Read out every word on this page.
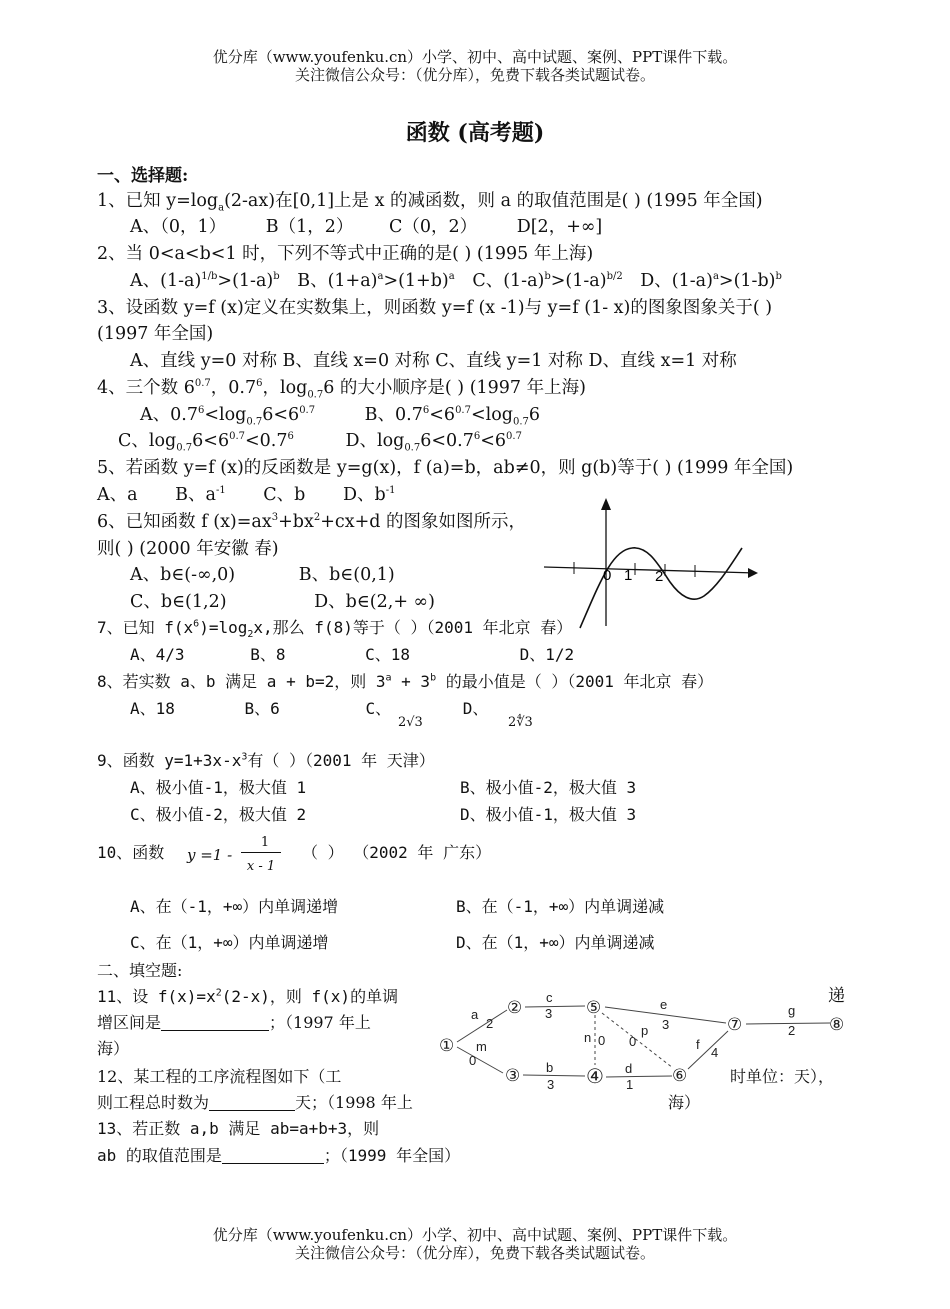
优分库（www.youfenku.cn）小学、初中、高中试题、案例、PPT课件下载。
关注微信公众号：（优分库），免费下载各类试题试卷。
函数 (高考题)
一、选择题:
1、已知 $y=\log_a(2-ax)$在[0,1]上是 x 的减函数，则 a 的取值范围是( ) (1995 年全国)
A、（0，1） B（1，2） C（0，2） D[2，+∞]
2、当 0<a<b<1 时，下列不等式中正确的是( ) (1995 年上海)
A、$(1-a)^{1/b}>(1-a)^b$ B、$(1+a)^a>(1+b)^a$ C、$(1-a)^b>(1-a)^{b/2}$ D、$(1-a)^a>(1-b)^b$
3、设函数 y=f (x)定义在实数集上，则函数 y=f (x -1)与 y=f (1- x)的图象图象关于( )
(1997 年全国)
A、直线 y=0 对称 B、直线 x=0 对称 C、直线 y=1 对称 D、直线 x=1 对称
4、三个数 $6^{0.7}$，$0.7^6$，$\log_{0.7}6$ 的大小顺序是( ) (1997 年上海)
A、$0.7^6<\log_{0.7}6<6^{0.7}$	B、$0.7^6<6^{0.7}<\log_{0.7}6$
C、$\log_{0.7}6<6^{0.7}<0.7^6$	D、$\log_{0.7}6<0.7^6<6^{0.7}$
5、若函数 y=f (x)的反函数是 y=g(x)，f (a)=b，ab≠0，则 g(b)等于( ) (1999 年全国)
A、a B、$a^{-1}$ C、b D、$b^{-1}$
6、已知函数 f $(x)=ax^3+bx^2+cx+d$ 的图象如图所示，
则( ) (2000 年安徽 春)
A、b∈(-∞,0)	B、b∈(0,1)
C、b∈(1,2)	D、b∈(2,+ ∞)
0 1 2
7、已知 $f(x^6)=\log_2x$,那么 f(8)等于（ ）（2001 年北京 春）
A、4/3	B、8	C、18	D、1/2
8、若实数 a、b 满足 a + b=2，则 $3^a + 3^b$ 的最小值是（ ）（2001 年北京 春）
A、18	B、6	C、	D、
2√3	2∜3
9、函数 $y=1+3x-x^3$有（ ）（2001 年 天津）
A、极小值-1，极大值 1	B、极小值-2，极大值 3
C、极小值-2，极大值 2	D、极小值-1，极大值 3
10、函数 y =1 -
1
x - 1
（ ） （2002 年 广东）
A、在（-1，+∞）内单调递增	B、在（-1，+∞）内单调递减
C、在（1，+∞）内单调递增	D、在（1，+∞）内单调递减
二、填空题:
11、设 $f(x)=x^2(2-x)$，则 f(x)的单调
增区间是	；（1997 年上
海）
递
12、某工程的工序流程图如下（工	时单位：天），
则工程总时数为	天；（1998 年上	海）
13、若正数 a,b 满足 ab=a+b+3，则
ab 的取值范围是	；（1999 年全国）
①
②
③	④
⑤
⑥
⑦	⑧
a
2
m
0
c
3
b
3
n 0
p
0
e
3
d
1
f
4
g
2
优分库（www.youfenku.cn）小学、初中、高中试题、案例、PPT课件下载。
关注微信公众号：（优分库），免费下载各类试题试卷。
